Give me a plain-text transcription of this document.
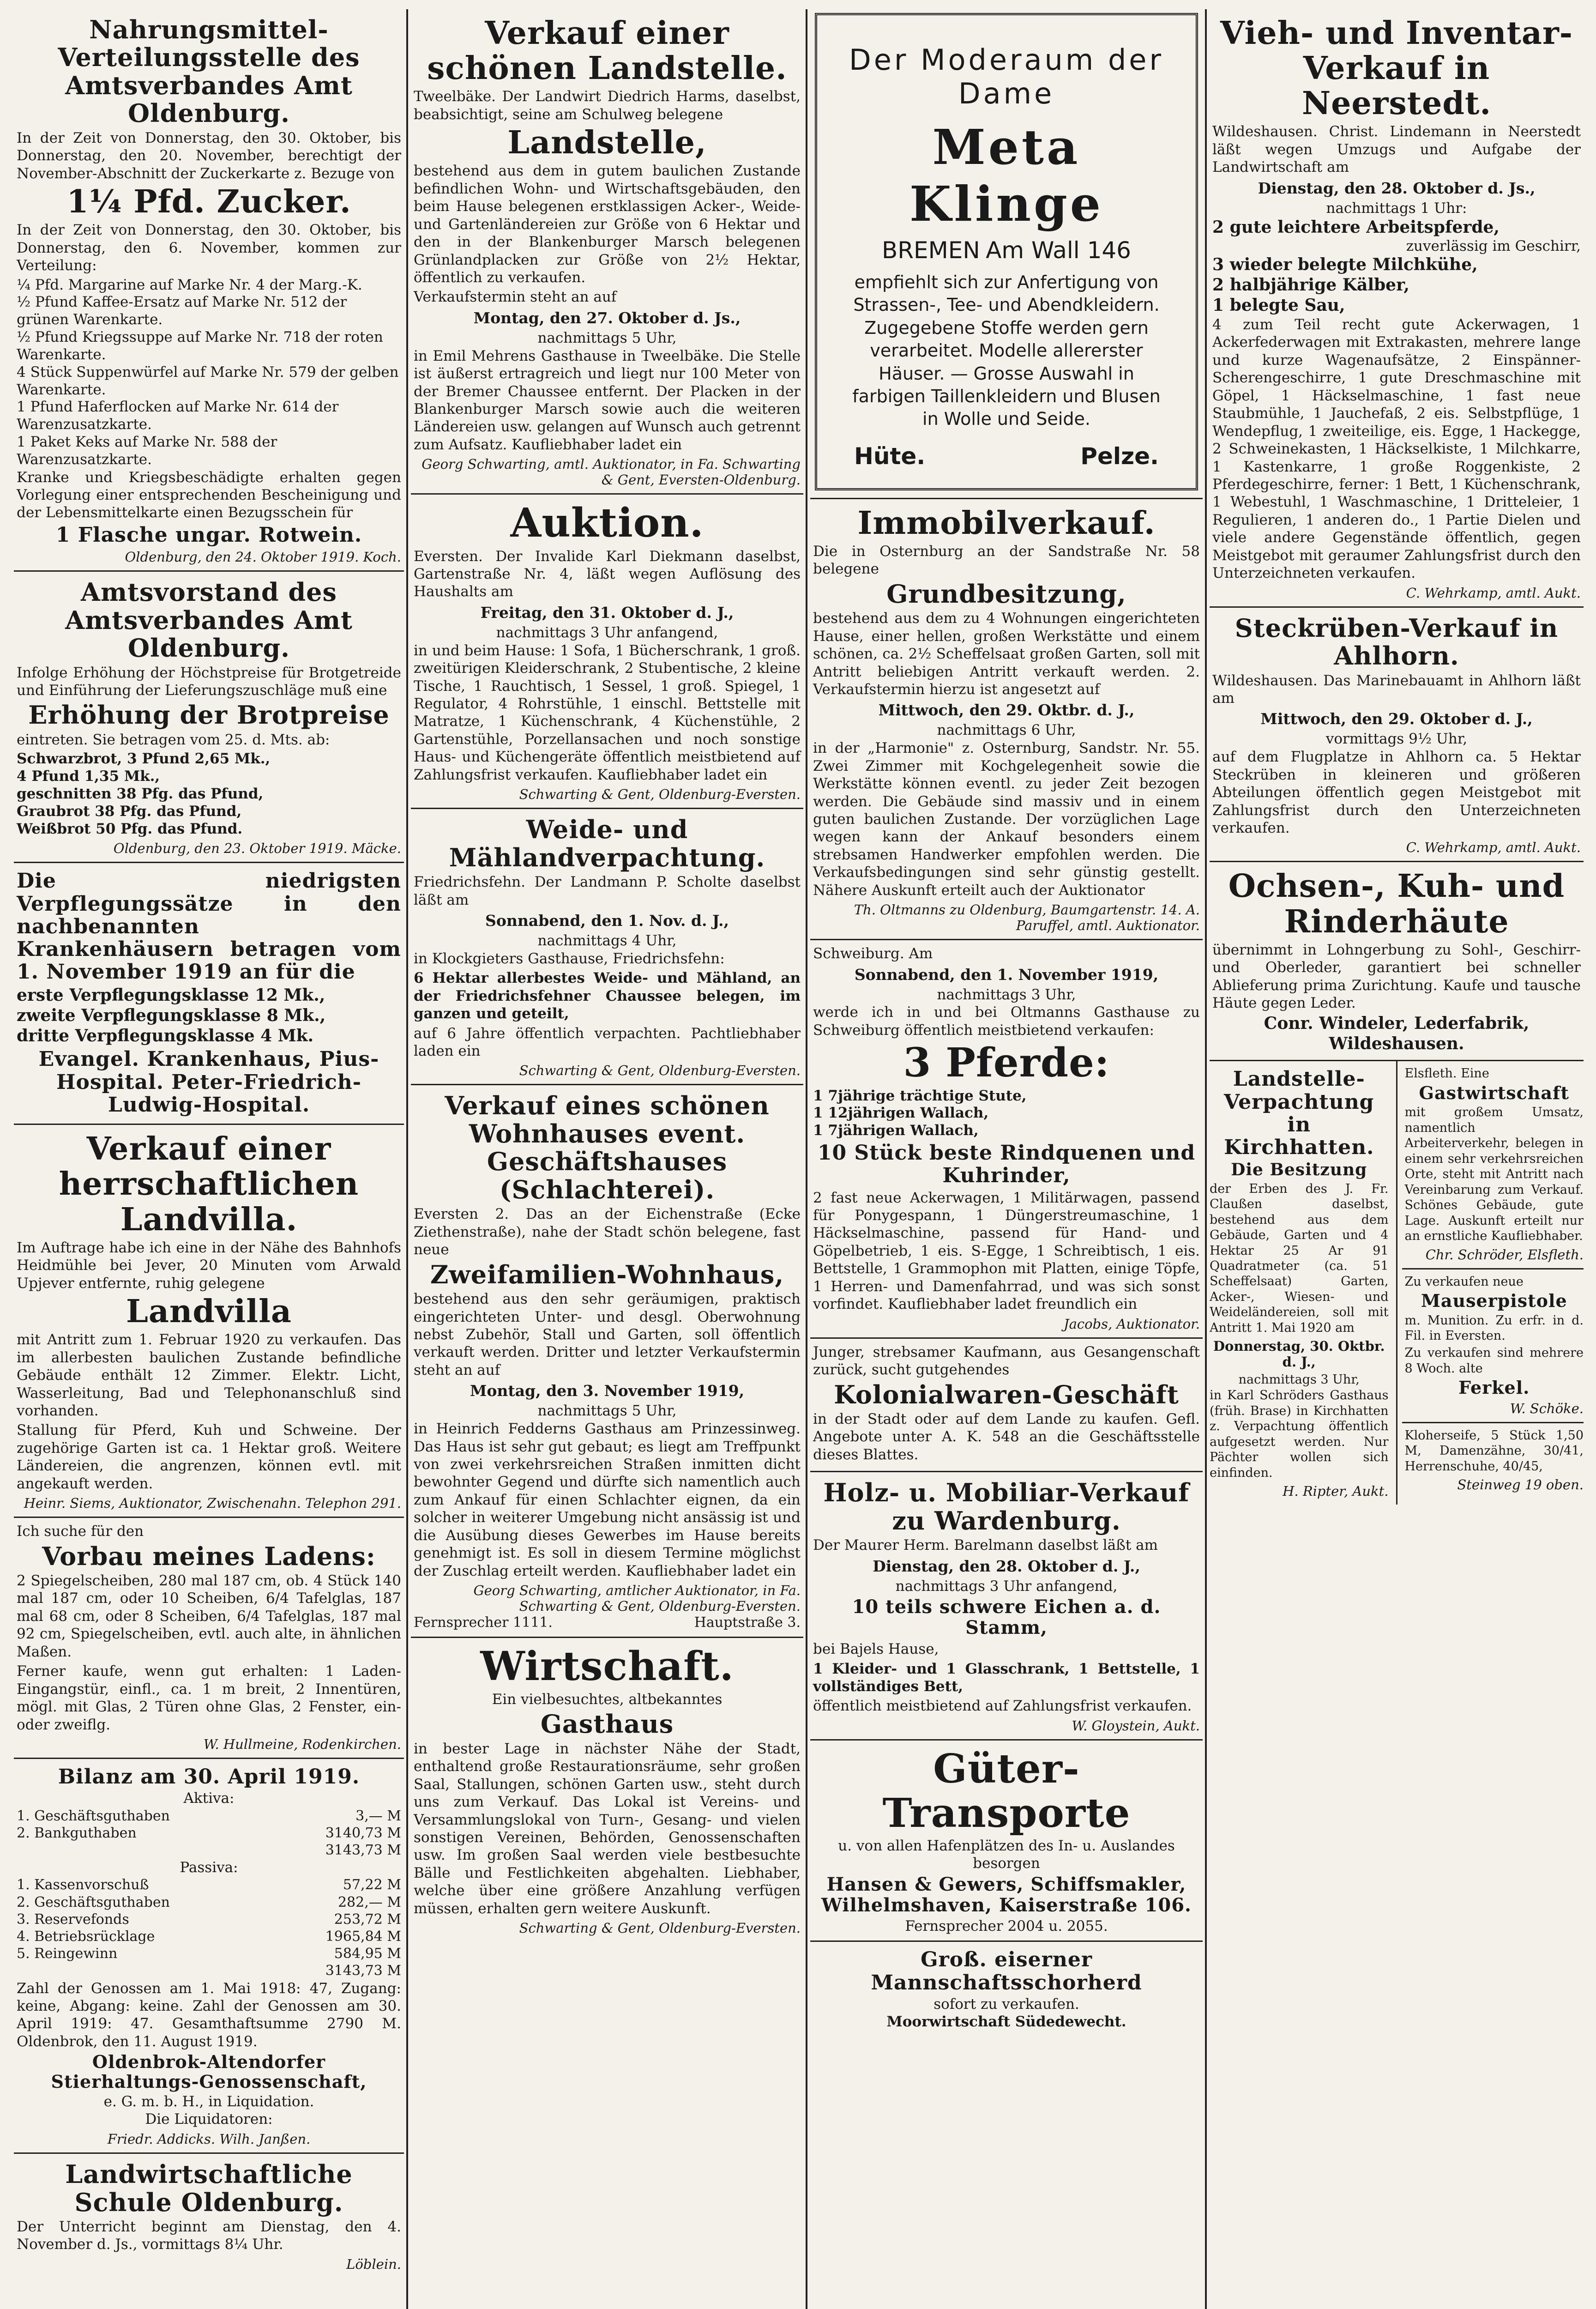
Nahrungsmittel-Verteilungsstelle des Amtsverbandes Amt Oldenburg.

In der Zeit von Donnerstag, den 30. Oktober, bis Donnerstag, den 20. November, berechtigt der November-Abschnitt der Zuckerkarte z. Bezuge von

1¼ Pfd. Zucker.

In der Zeit von Donnerstag, den 30. Oktober, bis Donnerstag, den 6. November, kommen zur Verteilung:

¼ Pfd. Margarine auf Marke Nr. 4 der Marg.-K.

½ Pfund Kaffee-Ersatz auf Marke Nr. 512 der grünen Warenkarte.

½ Pfund Kriegssuppe auf Marke Nr. 718 der roten Warenkarte.

4 Stück Suppenwürfel auf Marke Nr. 579 der gelben Warenkarte.

1 Pfund Haferflocken auf Marke Nr. 614 der Warenzusatzkarte.

1 Paket Keks auf Marke Nr. 588 der Warenzusatzkarte.

Kranke und Kriegsbeschädigte erhalten gegen Vorlegung einer entsprechenden Bescheinigung und der Lebensmittelkarte einen Bezugsschein für

1 Flasche ungar. Rotwein.
Oldenburg, den 24. Oktober 1919. Koch.
Amtsvorstand des Amtsverbandes Amt Oldenburg.

Infolge Erhöhung der Höchstpreise für Brotgetreide und Einführung der Lieferungszuschläge muß eine

Erhöhung der Brotpreise

eintreten. Sie betragen vom 25. d. Mts. ab:

Schwarzbrot, 3 Pfund 2,65 Mk.,

4 Pfund 1,35 Mk.,

geschnitten 38 Pfg. das Pfund,

Graubrot 38 Pfg. das Pfund,

Weißbrot 50 Pfg. das Pfund.

Oldenburg, den 23. Oktober 1919. Mäcke.
Die niedrigsten Verpflegungssätze in den nachbenannten Krankenhäusern betragen vom 1. November 1919 an für die

erste Verpflegungsklasse 12 Mk.,

zweite Verpflegungsklasse 8 Mk.,

dritte Verpflegungsklasse 4 Mk.

Evangel. Krankenhaus, Pius-Hospital. Peter-Friedrich-Ludwig-Hospital.
Verkauf einer herrschaftlichen Landvilla.

Im Auftrage habe ich eine in der Nähe des Bahnhofs Heidmühle bei Jever, 20 Minuten vom Arwald Upjever entfernte, ruhig gelegene

Landvilla

mit Antritt zum 1. Februar 1920 zu verkaufen. Das im allerbesten baulichen Zustande befindliche Gebäude enthält 12 Zimmer. Elektr. Licht, Wasserleitung, Bad und Telephonanschluß sind vorhanden.

Stallung für Pferd, Kuh und Schweine. Der zugehörige Garten ist ca. 1 Hektar groß. Weitere Ländereien, die angrenzen, können evtl. mit angekauft werden.

Heinr. Siems, Auktionator, Zwischenahn. Telephon 291.

Ich suche für den

Vorbau meines Ladens:

2 Spiegelscheiben, 280 mal 187 cm, ob. 4 Stück 140 mal 187 cm, oder 10 Scheiben, 6/4 Tafelglas, 187 mal 68 cm, oder 8 Scheiben, 6/4 Tafelglas, 187 mal 92 cm, Spiegelscheiben, evtl. auch alte, in ähnlichen Maßen.

Ferner kaufe, wenn gut erhalten: 1 Laden-Eingangstür, einfl., ca. 1 m breit, 2 Innentüren, mögl. mit Glas, 2 Türen ohne Glas, 2 Fenster, ein- oder zweiflg.

W. Hullmeine, Rodenkirchen.
Bilanz am 30. April 1919.
Aktiva:
1. Geschäftsguthaben	3,— M
2. Bankguthaben	3140,73 M
3143,73 M
Passiva:
1. Kassenvorschuß	57,22 M
2. Geschäftsguthaben	282,— M
3. Reservefonds	253,72 M
4. Betriebsrücklage	1965,84 M
5. Reingewinn	584,95 M
3143,73 M

Zahl der Genossen am 1. Mai 1918: 47, Zugang: keine, Abgang: keine. Zahl der Genossen am 30. April 1919: 47. Gesamthaftsumme 2790 M. Oldenbrok, den 11. August 1919.

Oldenbrok-Altendorfer Stierhaltungs-Genossenschaft,
e. G. m. b. H., in Liquidation.
Die Liquidatoren:
Friedr. Addicks. Wilh. Janßen.
Landwirtschaftliche Schule Oldenburg.

Der Unterricht beginnt am Dienstag, den 4. November d. Js., vormittags 8¼ Uhr.

Löblein.
Verkauf einer schönen Landstelle.

Tweelbäke. Der Landwirt Diedrich Harms, daselbst, beabsichtigt, seine am Schulweg belegene

Landstelle,

bestehend aus dem in gutem baulichen Zustande befindlichen Wohn- und Wirtschaftsgebäuden, den beim Hause belegenen erstklassigen Acker-, Weide- und Gartenländereien zur Größe von 6 Hektar und den in der Blankenburger Marsch belegenen Grünlandplacken zur Größe von 2½ Hektar, öffentlich zu verkaufen.

Verkaufstermin steht an auf

Montag, den 27. Oktober d. Js.,
nachmittags 5 Uhr,

in Emil Mehrens Gasthause in Tweelbäke. Die Stelle ist äußerst ertragreich und liegt nur 100 Meter von der Bremer Chaussee entfernt. Der Placken in der Blankenburger Marsch sowie auch die weiteren Ländereien usw. gelangen auf Wunsch auch getrennt zum Aufsatz. Kaufliebhaber ladet ein

Georg Schwarting, amtl. Auktionator, in Fa. Schwarting & Gent, Eversten-Oldenburg.
Auktion.

Eversten. Der Invalide Karl Diekmann daselbst, Gartenstraße Nr. 4, läßt wegen Auflösung des Haushalts am

Freitag, den 31. Oktober d. J.,
nachmittags 3 Uhr anfangend,

in und beim Hause: 1 Sofa, 1 Bücherschrank, 1 groß. zweitürigen Kleiderschrank, 2 Stubentische, 2 kleine Tische, 1 Rauchtisch, 1 Sessel, 1 groß. Spiegel, 1 Regulator, 4 Rohrstühle, 1 einschl. Bettstelle mit Matratze, 1 Küchenschrank, 4 Küchenstühle, 2 Gartenstühle, Porzellansachen und noch sonstige Haus- und Küchengeräte öffentlich meistbietend auf Zahlungsfrist verkaufen. Kaufliebhaber ladet ein

Schwarting & Gent, Oldenburg-Eversten.
Weide- und Mählandverpachtung.

Friedrichsfehn. Der Landmann P. Scholte daselbst läßt am

Sonnabend, den 1. Nov. d. J.,
nachmittags 4 Uhr,

in Klockgieters Gasthause, Friedrichsfehn:

6 Hektar allerbestes Weide- und Mähland, an der Friedrichsfehner Chaussee belegen, im ganzen und geteilt,

auf 6 Jahre öffentlich verpachten. Pachtliebhaber laden ein

Schwarting & Gent, Oldenburg-Eversten.
Verkauf eines schönen Wohnhauses event. Geschäftshauses (Schlachterei).

Eversten 2. Das an der Eichenstraße (Ecke Ziethenstraße), nahe der Stadt schön belegene, fast neue

Zweifamilien-Wohnhaus,

bestehend aus den sehr geräumigen, praktisch eingerichteten Unter- und desgl. Oberwohnung nebst Zubehör, Stall und Garten, soll öffentlich verkauft werden. Dritter und letzter Verkaufstermin steht an auf

Montag, den 3. November 1919,
nachmittags 5 Uhr,

in Heinrich Fedderns Gasthaus am Prinzessinweg. Das Haus ist sehr gut gebaut; es liegt am Treffpunkt von zwei verkehrsreichen Straßen inmitten dicht bewohnter Gegend und dürfte sich namentlich auch zum Ankauf für einen Schlachter eignen, da ein solcher in weiterer Umgebung nicht ansässig ist und die Ausübung dieses Gewerbes im Hause bereits genehmigt ist. Es soll in diesem Termine möglichst der Zuschlag erteilt werden. Kaufliebhaber ladet ein

Georg Schwarting, amtlicher Auktionator, in Fa. Schwarting & Gent, Oldenburg-Eversten.
Fernsprecher 1111.	Hauptstraße 3.
Wirtschaft.
Ein vielbesuchtes, altbekanntes
Gasthaus

in bester Lage in nächster Nähe der Stadt, enthaltend große Restaurationsräume, sehr großen Saal, Stallungen, schönen Garten usw., steht durch uns zum Verkauf. Das Lokal ist Vereins- und Versammlungslokal von Turn-, Gesang- und vielen sonstigen Vereinen, Behörden, Genossenschaften usw. Im großen Saal werden viele bestbesuchte Bälle und Festlichkeiten abgehalten. Liebhaber, welche über eine größere Anzahlung verfügen müssen, erhalten gern weitere Auskunft.

Schwarting & Gent, Oldenburg-Eversten.
Der Moderaum der Dame
Meta Klinge
BREMEN Am Wall 146
empfiehlt sich zur Anfertigung von Strassen-, Tee- und Abendkleidern. Zugegebene Stoffe werden gern verarbeitet. Modelle allererster Häuser. — Grosse Auswahl in farbigen Taillenkleidern und Blusen in Wolle und Seide.
Hüte.	Pelze.
Immobilverkauf.

Die in Osternburg an der Sandstraße Nr. 58 belegene

Grundbesitzung,

bestehend aus dem zu 4 Wohnungen eingerichteten Hause, einer hellen, großen Werkstätte und einem schönen, ca. 2½ Scheffelsaat großen Garten, soll mit Antritt beliebigen Antritt verkauft werden. 2. Verkaufstermin hierzu ist angesetzt auf

Mittwoch, den 29. Oktbr. d. J.,
nachmittags 6 Uhr,

in der „Harmonie" z. Osternburg, Sandstr. Nr. 55. Zwei Zimmer mit Kochgelegenheit sowie die Werkstätte können eventl. zu jeder Zeit bezogen werden. Die Gebäude sind massiv und in einem guten baulichen Zustande. Der vorzüglichen Lage wegen kann der Ankauf besonders einem strebsamen Handwerker empfohlen werden. Die Verkaufsbedingungen sind sehr günstig gestellt. Nähere Auskunft erteilt auch der Auktionator

Th. Oltmanns zu Oldenburg, Baumgartenstr. 14. A. Paruffel, amtl. Auktionator.

Schweiburg. Am

Sonnabend, den 1. November 1919,
nachmittags 3 Uhr,

werde ich in und bei Oltmanns Gasthause zu Schweiburg öffentlich meistbietend verkaufen:

3 Pferde:

1 7jährige trächtige Stute,

1 12jährigen Wallach,

1 7jährigen Wallach,

10 Stück beste Rindquenen und Kuhrinder,

2 fast neue Ackerwagen, 1 Militärwagen, passend für Ponygespann, 1 Düngerstreumaschine, 1 Häckselmaschine, passend für Hand- und Göpelbetrieb, 1 eis. S-Egge, 1 Schreibtisch, 1 eis. Bettstelle, 1 Grammophon mit Platten, einige Töpfe, 1 Herren- und Damenfahrrad, und was sich sonst vorfindet. Kaufliebhaber ladet freundlich ein

Jacobs, Auktionator.

Junger, strebsamer Kaufmann, aus Gesangenschaft zurück, sucht gutgehendes

Kolonialwaren-Geschäft

in der Stadt oder auf dem Lande zu kaufen. Gefl. Angebote unter A. K. 548 an die Geschäftsstelle dieses Blattes.

Holz- u. Mobiliar-Verkauf zu Wardenburg.

Der Maurer Herm. Barelmann daselbst läßt am

Dienstag, den 28. Oktober d. J.,
nachmittags 3 Uhr anfangend,
10 teils schwere Eichen a. d. Stamm,

bei Bajels Hause,

1 Kleider- und 1 Glasschrank, 1 Bettstelle, 1 vollständiges Bett,

öffentlich meistbietend auf Zahlungsfrist verkaufen.

W. Gloystein, Aukt.
Güter-Transporte
u. von allen Hafenplätzen des In- u. Auslandes besorgen
Hansen & Gewers, Schiffsmakler, Wilhelmshaven, Kaiserstraße 106.
Fernsprecher 2004 u. 2055.
Groß. eiserner Mannschaftsschorherd
sofort zu verkaufen.
Moorwirtschaft Südedewecht.
Vieh- und Inventar-Verkauf in Neerstedt.

Wildeshausen. Christ. Lindemann in Neerstedt läßt wegen Umzugs und Aufgabe der Landwirtschaft am

Dienstag, den 28. Oktober d. Js.,
nachmittags 1 Uhr:

2 gute leichtere Arbeitspferde,

zuverlässig im Geschirr,

3 wieder belegte Milchkühe,

2 halbjährige Kälber,

1 belegte Sau,

4 zum Teil recht gute Ackerwagen, 1 Ackerfederwagen mit Extrakasten, mehrere lange und kurze Wagenaufsätze, 2 Einspänner-Scherengeschirre, 1 gute Dreschmaschine mit Göpel, 1 Häckselmaschine, 1 fast neue Staubmühle, 1 Jauchefaß, 2 eis. Selbstpflüge, 1 Wendepflug, 1 zweiteilige, eis. Egge, 1 Hackegge, 2 Schweinekasten, 1 Häckselkiste, 1 Milchkarre, 1 Kastenkarre, 1 große Roggenkiste, 2 Pferdegeschirre, ferner: 1 Bett, 1 Küchenschrank, 1 Webestuhl, 1 Waschmaschine, 1 Dritteleier, 1 Regulieren, 1 anderen do., 1 Partie Dielen und viele andere Gegenstände öffentlich, gegen Meistgebot mit geraumer Zahlungsfrist durch den Unterzeichneten verkaufen.

C. Wehrkamp, amtl. Aukt.
Steckrüben-Verkauf in Ahlhorn.

Wildeshausen. Das Marinebauamt in Ahlhorn läßt am

Mittwoch, den 29. Oktober d. J.,
vormittags 9½ Uhr,

auf dem Flugplatze in Ahlhorn ca. 5 Hektar Steckrüben in kleineren und größeren Abteilungen öffentlich gegen Meistgebot mit Zahlungsfrist durch den Unterzeichneten verkaufen.

C. Wehrkamp, amtl. Aukt.
Ochsen-, Kuh- und Rinderhäute

übernimmt in Lohngerbung zu Sohl-, Geschirr- und Oberleder, garantiert bei schneller Ablieferung prima Zurichtung. Kaufe und tausche Häute gegen Leder.

Conr. Windeler, Lederfabrik, Wildeshausen.
Landstelle-Verpachtung in Kirchhatten.
Die Besitzung

der Erben des J. Fr. Claußen daselbst, bestehend aus dem Gebäude, Garten und 4 Hektar 25 Ar 91 Quadratmeter (ca. 51 Scheffelsaat) Garten, Acker-, Wiesen- und Weideländereien, soll mit Antritt 1. Mai 1920 am

Donnerstag, 30. Oktbr. d. J.,
nachmittags 3 Uhr,

in Karl Schröders Gasthaus (früh. Brase) in Kirchhatten z. Verpachtung öffentlich aufgesetzt werden. Nur Pächter wollen sich einfinden.

H. Ripter, Aukt.

Elsfleth. Eine

Gastwirtschaft

mit großem Umsatz, namentlich Arbeiterverkehr, belegen in einem sehr verkehrsreichen Orte, steht mit Antritt nach Vereinbarung zum Verkauf. Schönes Gebäude, gute Lage. Auskunft erteilt nur an ernstliche Kaufliebhaber.

Chr. Schröder, Elsfleth.

Zu verkaufen neue

Mauserpistole

m. Munition. Zu erfr. in d. Fil. in Eversten.

Zu verkaufen sind mehrere 8 Woch. alte

Ferkel.
W. Schöke.

Kloherseife, 5 Stück 1,50 M, Damenzähne, 30/41, Herrenschuhe, 40/45,

Steinweg 19 oben.
